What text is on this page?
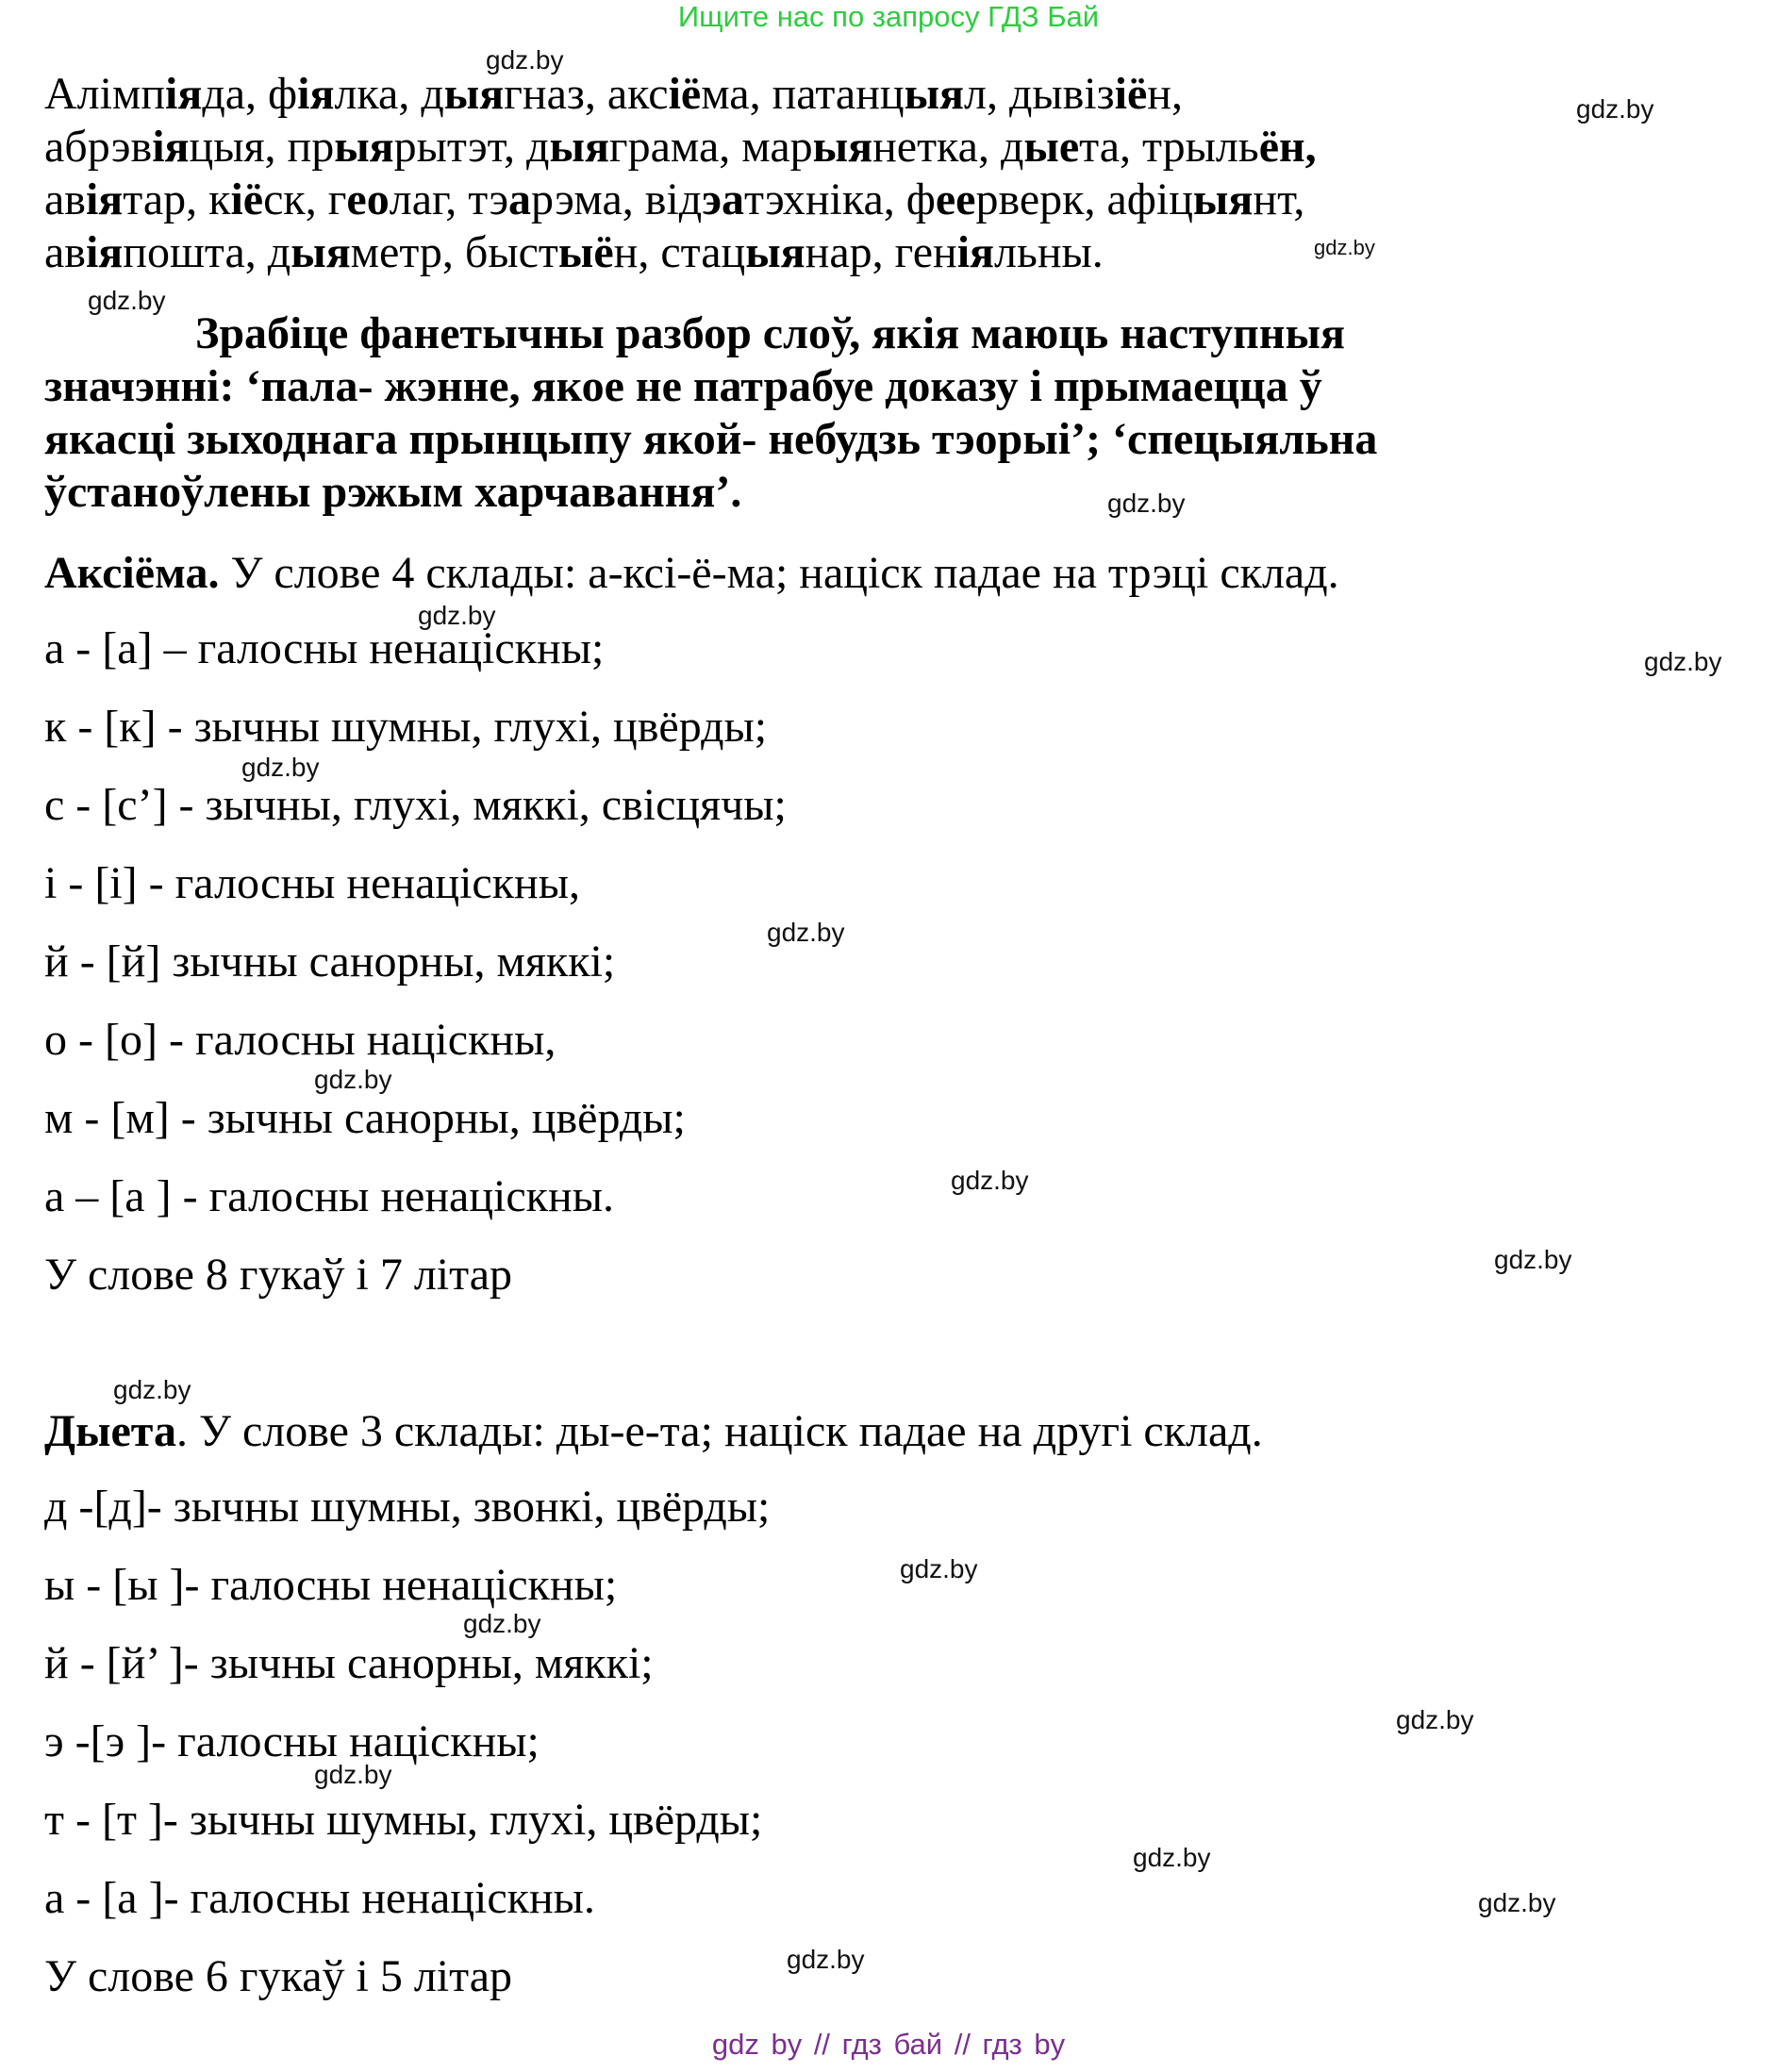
Ищите нас по запросу ГДЗ Бай
Алімпіяда, фіялка, дыягназ, аксіёма, патанцыял, дывізіён,
абрэвіяцыя, прыярытэт, дыяграма, марыянетка, дыета, трыльён,
авіятар, кіёск, геолаг, тэарэма, відэатэхніка, феерверк, афіцыянт,
авіяпошта, дыяметр, быстыён, стацыянар, геніяльны.
Зрабіце фанетычны разбор слоў, якія маюць наступныя
значэнні: ‘пала- жэнне, якое не патрабуе доказу і прымаецца ў
якасці зыходнага прынцыпу якой- небудзь тэорыі’; ‘спецыяльна
ўстаноўлены рэжым харчавання’.
Аксіёма. У слове 4 склады: а-ксі-ё-ма; націск падае на трэці склад.
а - [а] – галосны ненаціскны;
к - [к] - зычны шумны, глухі, цвёрды;
с - [с’] - зычны, глухі, мяккі, свісцячы;
і - [і] - галосны ненаціскны,
й - [й] зычны санорны, мяккі;
о - [о] - галосны націскны,
м - [м] - зычны санорны, цвёрды;
а – [а ] - галосны ненаціскны.
У слове 8 гукаў і 7 літар
Дыета. У слове 3 склады: ды-е-та; націск падае на другі склад.
д -[д]- зычны шумны, звонкі, цвёрды;
ы - [ы ]- галосны ненаціскны;
й - [й’ ]- зычны санорны, мяккі;
э -[э ]- галосны націскны;
т - [т ]- зычны шумны, глухі, цвёрды;
а - [а ]- галосны ненаціскны.
У слове 6 гукаў і 5 літар
gdz.by
gdz.by
gdz.by
gdz.by
gdz.by
gdz.by
gdz.by
gdz.by
gdz.by
gdz.by
gdz.by
gdz.by
gdz.by
gdz.by
gdz.by
gdz.by
gdz.by
gdz.by
gdz.by
gdz.by
gdz by // гдз бай // гдз by
